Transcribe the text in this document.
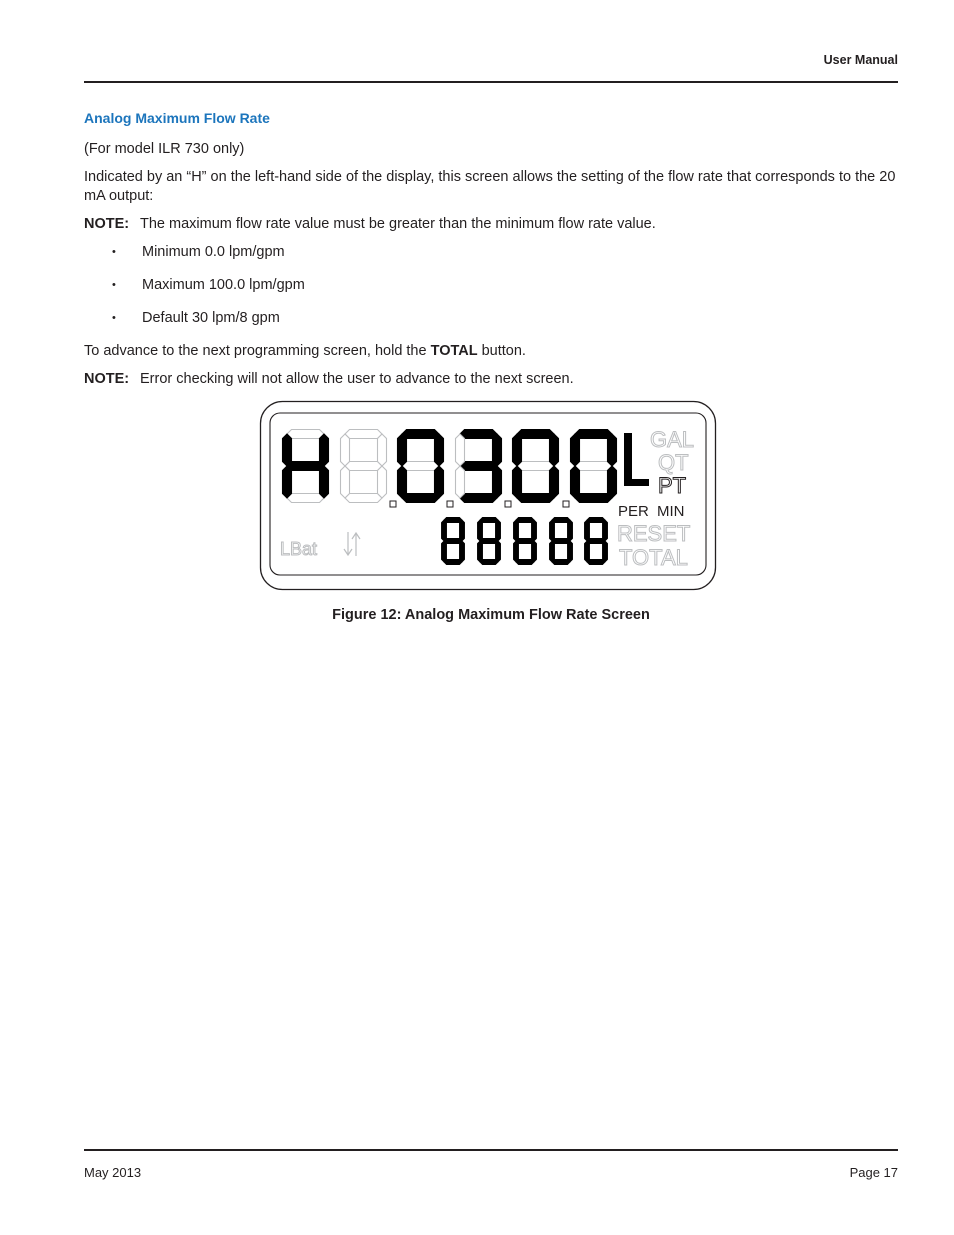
User Manual
Analog Maximum Flow Rate

(For model ILR 730 only)

Indicated by an “H” on the left-hand side of the display, this screen allows the setting of the flow rate that corresponds to the 20 mA output:

NOTE: The maximum flow rate value must be greater than the minimum flow rate value.
• Minimum 0.0 lpm/gpm
• Maximum 100.0 lpm/gpm
• Default 30 lpm/8 gpm

To advance to the next programming screen, hold the TOTAL button.

NOTE: Error checking will not allow the user to advance to the next screen.
L
GAL
QT
PT
PER MIN
RESET
TOTAL
LBat
Figure 12: Analog Maximum Flow Rate Screen
May 2013	Page 17
